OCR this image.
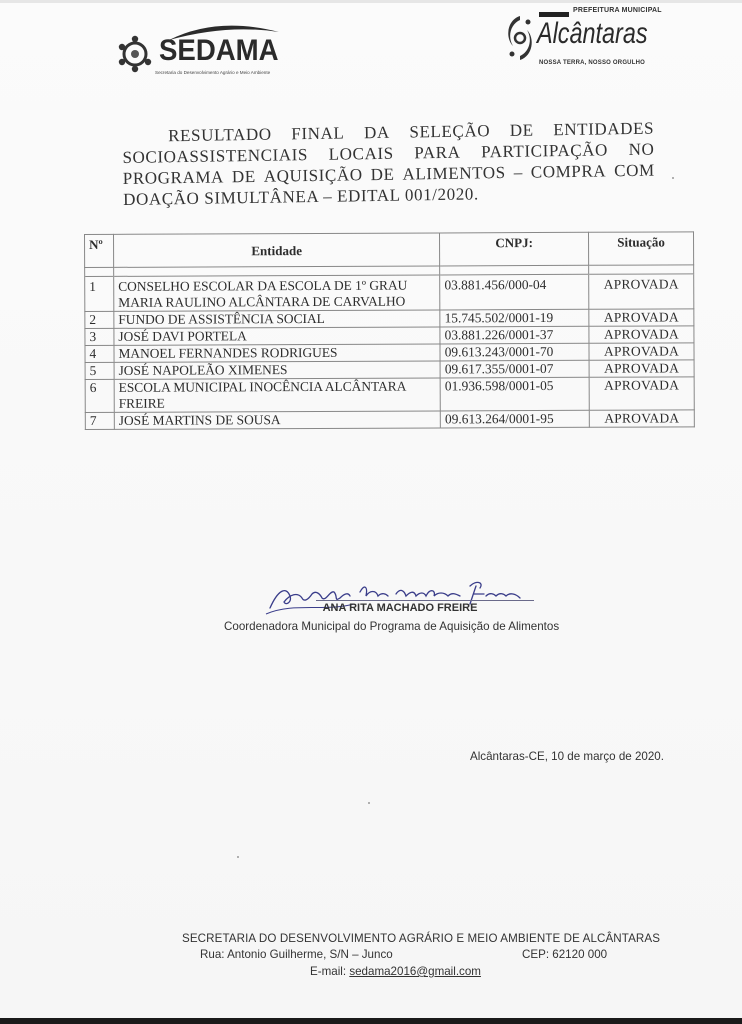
SEDAMA
Secretaria do Desenvolvimento Agrário e Meio Ambiente
PREFEITURA MUNICIPAL
Alcântaras
NOSSA TERRA, NOSSO ORGULHO
RESULTADO FINAL DA SELEÇÃO DE ENTIDADES
SOCIOASSISTENCIAIS LOCAIS PARA PARTICIPAÇÃO NO
PROGRAMA DE AQUISIÇÃO DE ALIMENTOS – COMPRA COM
DOAÇÃO SIMULTÂNEA – EDITAL 001/2020.
Nº	Entidade	CNPJ:	Situação

1	CONSELHO ESCOLAR DA ESCOLA DE 1º GRAU MARIA RAULINO ALCÂNTARA DE CARVALHO	03.881.456/000-04	APROVADA
2	FUNDO DE ASSISTÊNCIA SOCIAL	15.745.502/0001-19	APROVADA
3	JOSÉ DAVI PORTELA	03.881.226/0001-37	APROVADA
4	MANOEL FERNANDES RODRIGUES	09.613.243/0001-70	APROVADA
5	JOSÉ NAPOLEÃO XIMENES	09.617.355/0001-07	APROVADA
6	ESCOLA MUNICIPAL INOCÊNCIA ALCÂNTARA FREIRE	01.936.598/0001-05	APROVADA
7	JOSÉ MARTINS DE SOUSA	09.613.264/0001-95	APROVADA
ANA RITA MACHADO FREIRE
Coordenadora Municipal do Programa de Aquisição de Alimentos
Alcântaras-CE, 10 de março de 2020.
SECRETARIA DO DESENVOLVIMENTO AGRÁRIO E MEIO AMBIENTE DE ALCÂNTARAS
Rua: Antonio Guilherme, S/N – Junco	CEP: 62120 000
E-mail: sedama2016@gmail.com
